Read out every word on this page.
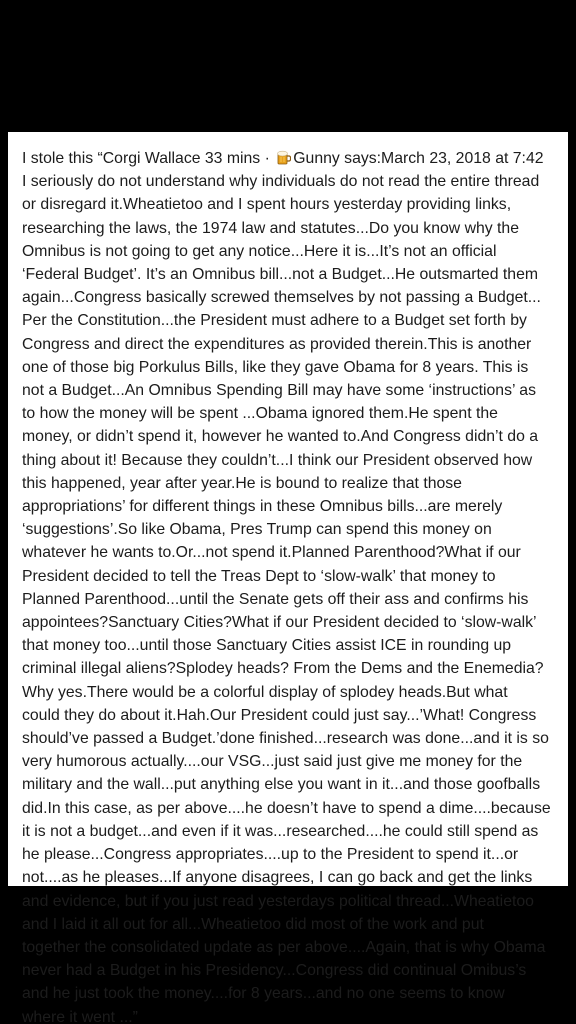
I stole this “Corgi Wallace 33 mins · Gunny says:March 23, 2018 at 7:42
I seriously do not understand why individuals do not read the entire thread
or disregard it.Wheatietoo and I spent hours yesterday providing links,
researching the laws, the 1974 law and statutes...Do you know why the
Omnibus is not going to get any notice...Here it is...It’s not an official
‘Federal Budget’. It’s an Omnibus bill...not a Budget...He outsmarted them
again...Congress basically screwed themselves by not passing a Budget...
Per the Constitution...the President must adhere to a Budget set forth by
Congress and direct the expenditures as provided therein.This is another
one of those big Porkulus Bills, like they gave Obama for 8 years. This is
not a Budget...An Omnibus Spending Bill may have some ‘instructions’ as
to how the money will be spent ...Obama ignored them.He spent the
money, or didn’t spend it, however he wanted to.And Congress didn’t do a
thing about it! Because they couldn’t...I think our President observed how
this happened, year after year.He is bound to realize that those
appropriations’ for different things in these Omnibus bills...are merely
‘suggestions’.So like Obama, Pres Trump can spend this money on
whatever he wants to.Or...not spend it.Planned Parenthood?What if our
President decided to tell the Treas Dept to ‘slow-walk’ that money to
Planned Parenthood...until the Senate gets off their ass and confirms his
appointees?Sanctuary Cities?What if our President decided to ‘slow-walk’
that money too...until those Sanctuary Cities assist ICE in rounding up
criminal illegal aliens?Splodey heads? From the Dems and the Enemedia?
Why yes.There would be a colorful display of splodey heads.But what
could they do about it.Hah.Our President could just say...’What! Congress
should’ve passed a Budget.’done finished...research was done...and it is so
very humorous actually....our VSG...just said just give me money for the
military and the wall...put anything else you want in it...and those goofballs
did.In this case, as per above....he doesn’t have to spend a dime....because
it is not a budget...and even if it was...researched....he could still spend as
he please...Congress appropriates....up to the President to spend it...or
not....as he pleases...If anyone disagrees, I can go back and get the links
and evidence, but if you just read yesterdays political thread...Wheatietoo
and I laid it all out for all...Wheatietoo did most of the work and put
together the consolidated update as per above....Again, that is why Obama
never had a Budget in his Presidency...Congress did continual Omibus’s
and he just took the money....for 8 years...and no one seems to know
where it went ...”
